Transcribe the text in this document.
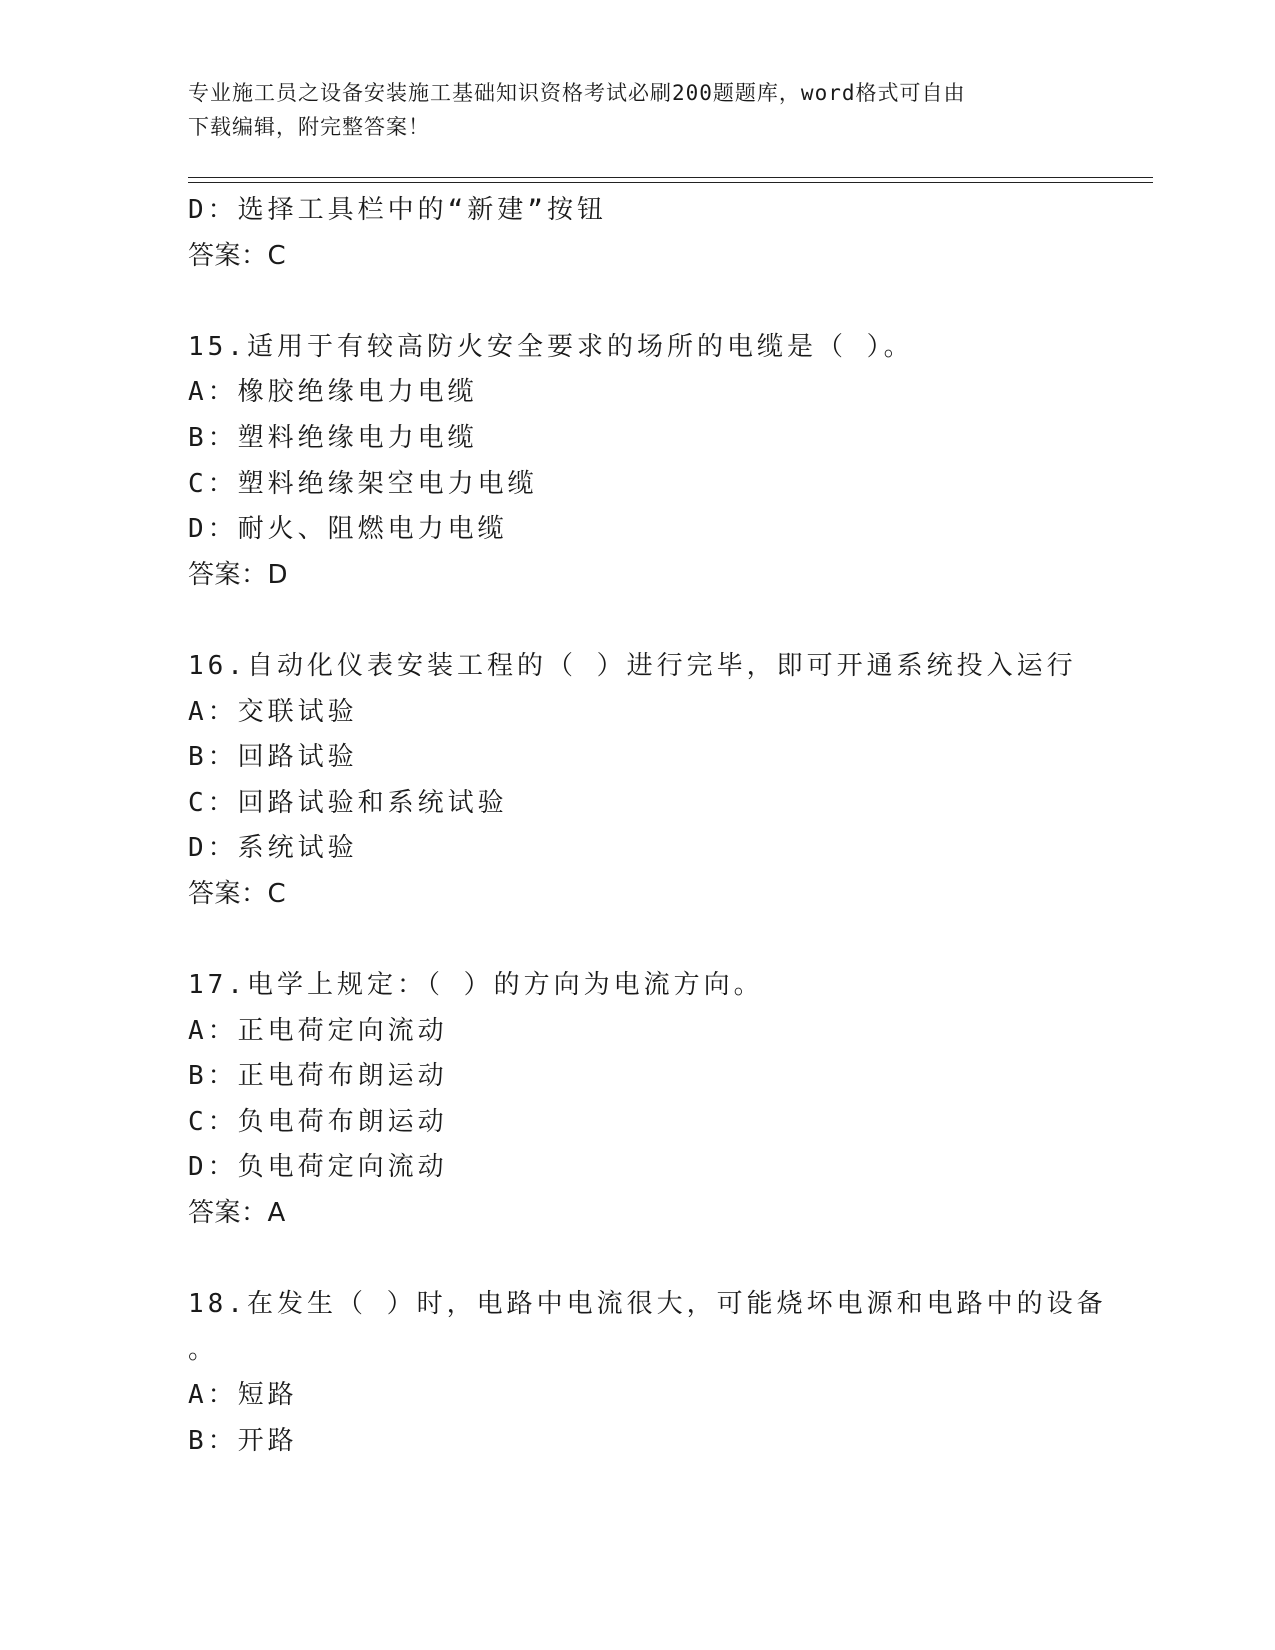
专业施工员之设备安装施工基础知识资格考试必刷200题题库，word格式可自由
下载编辑，附完整答案！
D：选择工具栏中的“新建”按钮
答案：C
15.适用于有较高防火安全要求的场所的电缆是（ ）。
A：橡胶绝缘电力电缆
B：塑料绝缘电力电缆
C：塑料绝缘架空电力电缆
D：耐火、阻燃电力电缆
答案：D
16.自动化仪表安装工程的（ ）进行完毕，即可开通系统投入运行
A：交联试验
B：回路试验
C：回路试验和系统试验
D：系统试验
答案：C
17.电学上规定：（ ）的方向为电流方向。
A：正电荷定向流动
B：正电荷布朗运动
C：负电荷布朗运动
D：负电荷定向流动
答案：A
18.在发生（ ）时，电路中电流很大，可能烧坏电源和电路中的设备
。
A：短路
B：开路
